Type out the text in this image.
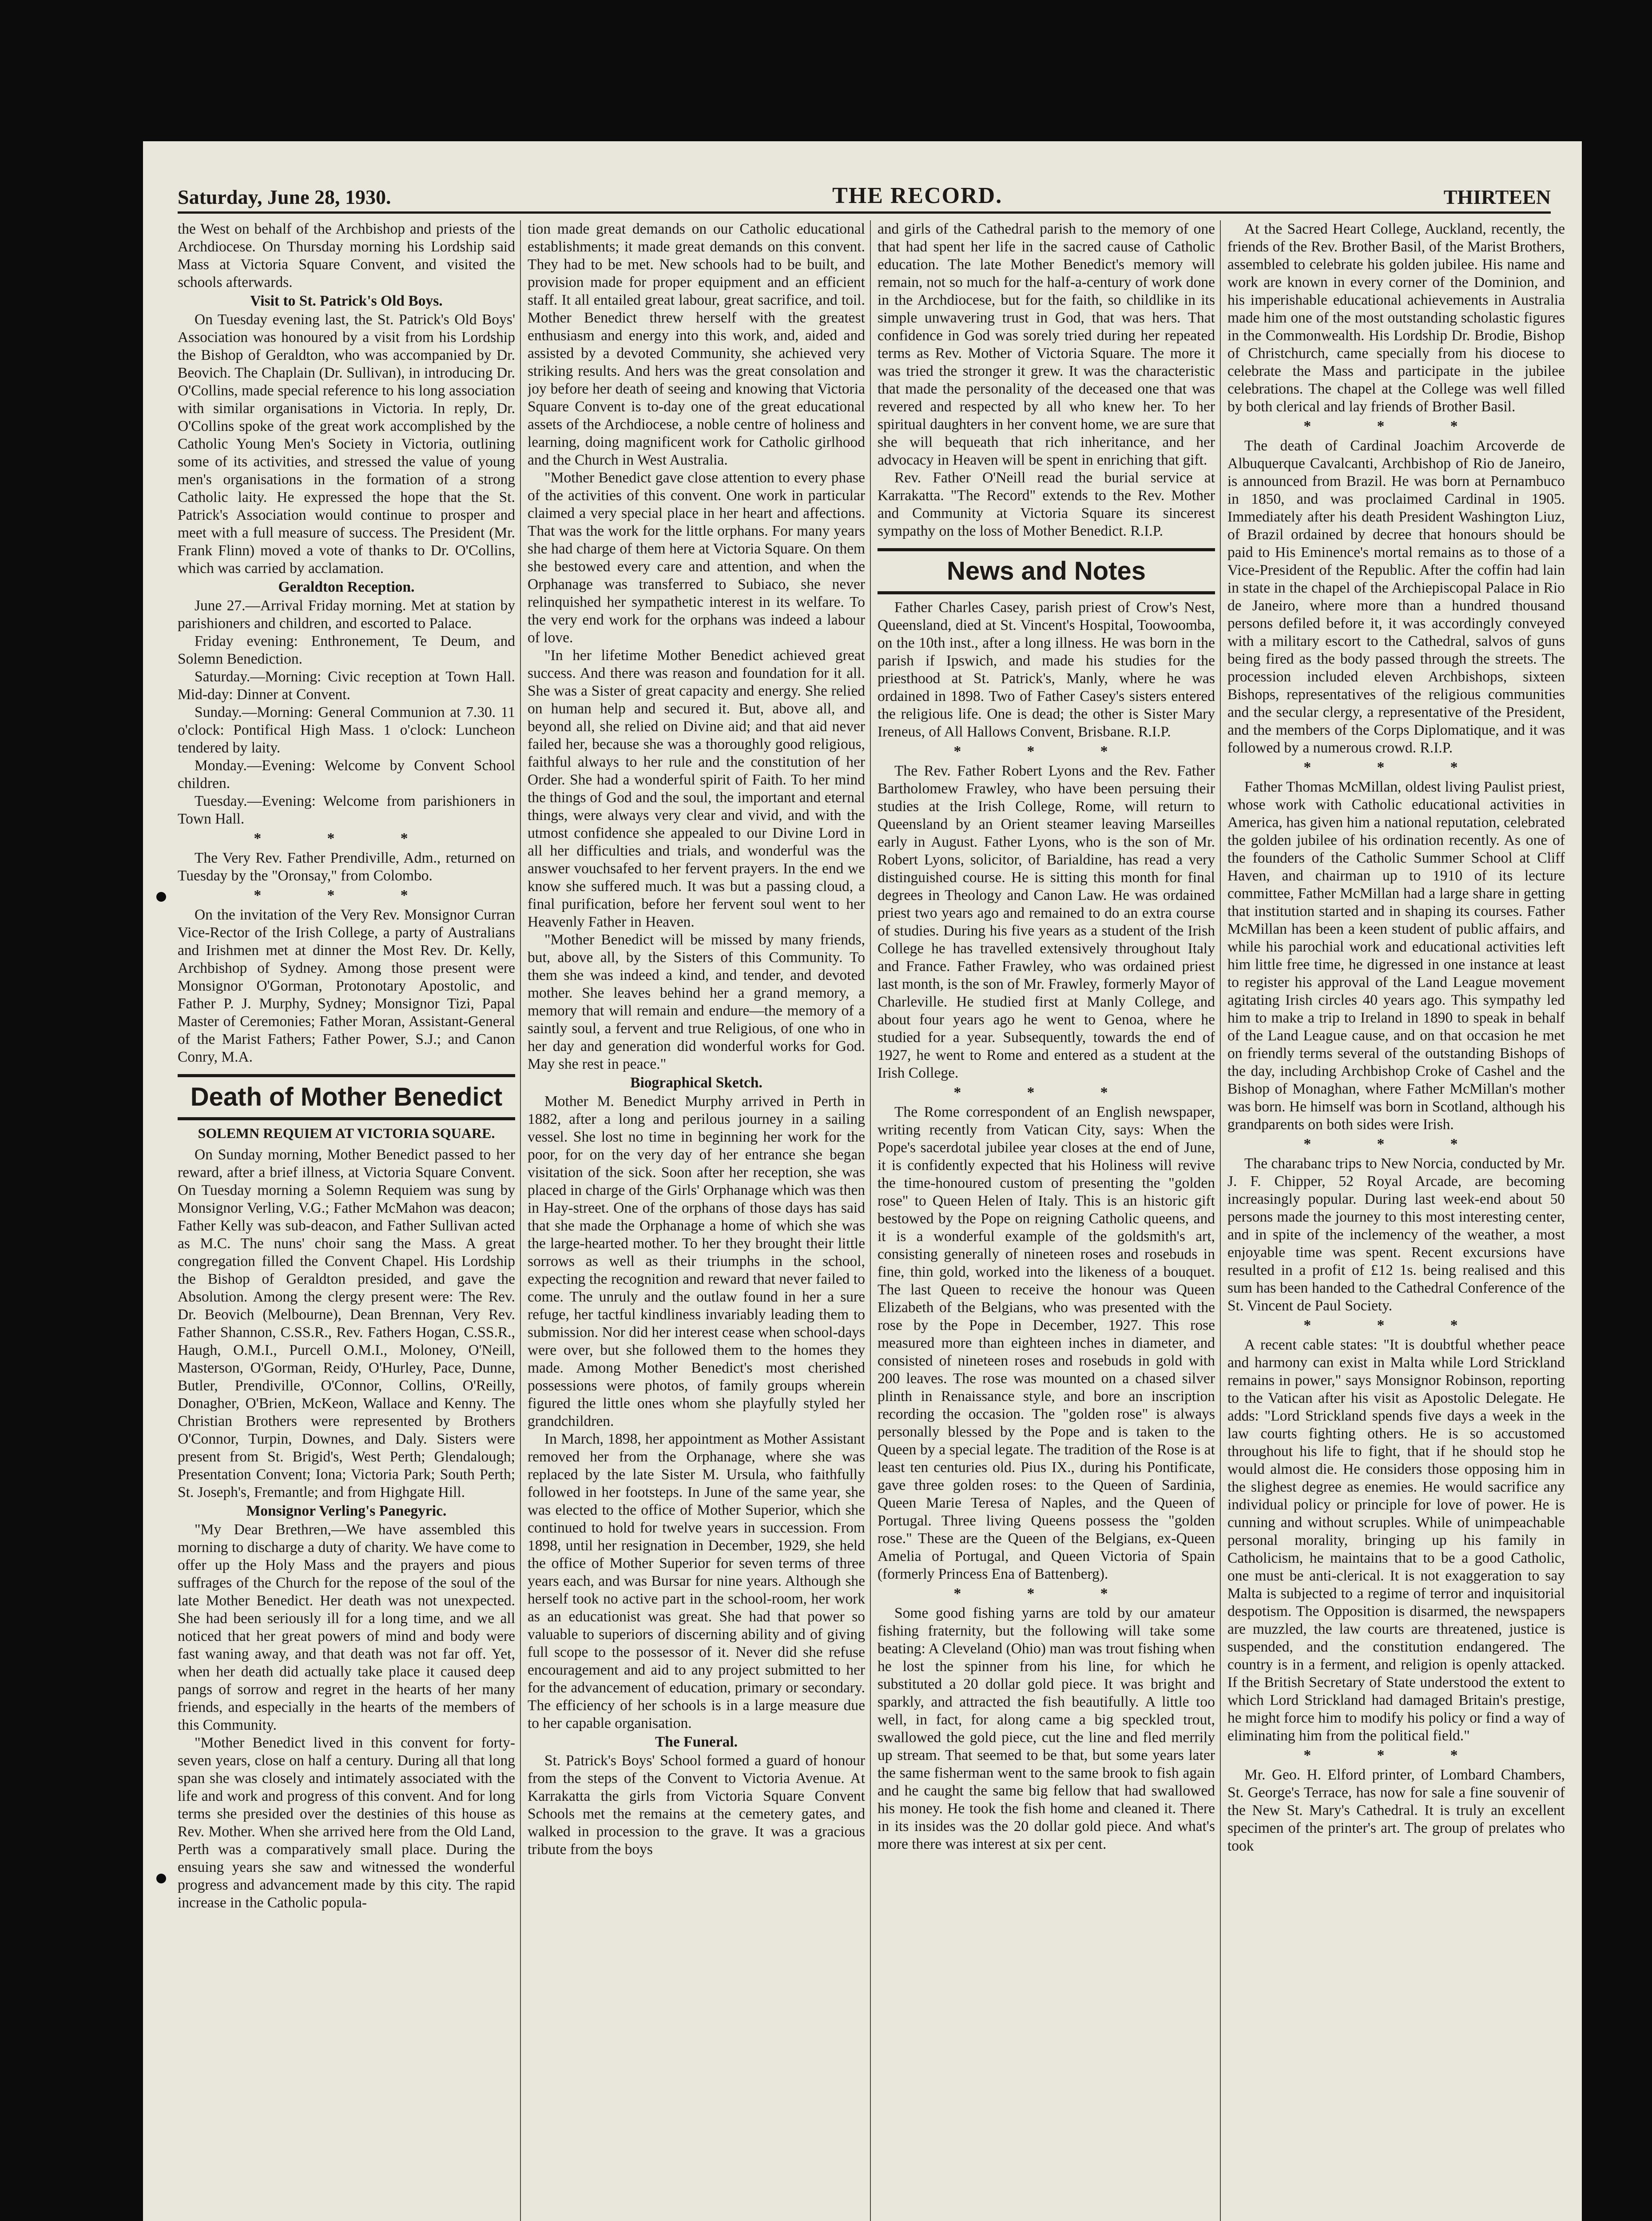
Saturday, June 28, 1930.	THE RECORD.	THIRTEEN

the West on behalf of the Archbishop and priests of the Archdiocese. On Thursday morning his Lordship said Mass at Victoria Square Convent, and visited the schools afterwards.

Visit to St. Patrick's Old Boys.

On Tuesday evening last, the St. Patrick's Old Boys' Association was honoured by a visit from his Lordship the Bishop of Geraldton, who was accompanied by Dr. Beovich. The Chaplain (Dr. Sullivan), in introducing Dr. O'Collins, made special reference to his long association with similar organisations in Victoria. In reply, Dr. O'Collins spoke of the great work accomplished by the Catholic Young Men's Society in Victoria, outlining some of its activities, and stressed the value of young men's organisations in the formation of a strong Catholic laity. He expressed the hope that the St. Patrick's Association would continue to prosper and meet with a full measure of success. The President (Mr. Frank Flinn) moved a vote of thanks to Dr. O'Collins, which was carried by acclamation.

Geraldton Reception.

June 27.—Arrival Friday morning. Met at station by parishioners and children, and escorted to Palace.

Friday evening: Enthronement, Te Deum, and Solemn Benediction.

Saturday.—Morning: Civic reception at Town Hall. Mid-day: Dinner at Convent.

Sunday.—Morning: General Communion at 7.30. 11 o'clock: Pontifical High Mass. 1 o'clock: Luncheon tendered by laity.

Monday.—Evening: Welcome by Convent School children.

Tuesday.—Evening: Welcome from parishioners in Town Hall.

* * *

The Very Rev. Father Prendiville, Adm., returned on Tuesday by the "Oronsay," from Colombo.

* * *

On the invitation of the Very Rev. Monsignor Curran Vice-Rector of the Irish College, a party of Australians and Irishmen met at dinner the Most Rev. Dr. Kelly, Archbishop of Sydney. Among those present were Monsignor O'Gorman, Protonotary Apostolic, and Father P. J. Murphy, Sydney; Monsignor Tizi, Papal Master of Ceremonies; Father Moran, Assistant-General of the Marist Fathers; Father Power, S.J.; and Canon Conry, M.A.

Death of Mother Benedict
SOLEMN REQUIEM AT VICTORIA SQUARE.

On Sunday morning, Mother Benedict passed to her reward, after a brief illness, at Victoria Square Convent. On Tuesday morning a Solemn Requiem was sung by Monsignor Verling, V.G.; Father McMahon was deacon; Father Kelly was sub-deacon, and Father Sullivan acted as M.C. The nuns' choir sang the Mass. A great congregation filled the Convent Chapel. His Lordship the Bishop of Geraldton presided, and gave the Absolution. Among the clergy present were: The Rev. Dr. Beovich (Melbourne), Dean Brennan, Very Rev. Father Shannon, C.SS.R., Rev. Fathers Hogan, C.SS.R., Haugh, O.M.I., Purcell O.M.I., Moloney, O'Neill, Masterson, O'Gorman, Reidy, O'Hurley, Pace, Dunne, Butler, Prendiville, O'Connor, Collins, O'Reilly, Donagher, O'Brien, McKeon, Wallace and Kenny. The Christian Brothers were represented by Brothers O'Connor, Turpin, Downes, and Daly. Sisters were present from St. Brigid's, West Perth; Glendalough; Presentation Convent; Iona; Victoria Park; South Perth; St. Joseph's, Fremantle; and from Highgate Hill.

Monsignor Verling's Panegyric.

"My Dear Brethren,—We have assembled this morning to discharge a duty of charity. We have come to offer up the Holy Mass and the prayers and pious suffrages of the Church for the repose of the soul of the late Mother Benedict. Her death was not unexpected. She had been seriously ill for a long time, and we all noticed that her great powers of mind and body were fast waning away, and that death was not far off. Yet, when her death did actually take place it caused deep pangs of sorrow and regret in the hearts of her many friends, and especially in the hearts of the members of this Community.

"Mother Benedict lived in this convent for forty-seven years, close on half a century. During all that long span she was closely and intimately associated with the life and work and progress of this convent. And for long terms she presided over the destinies of this house as Rev. Mother. When she arrived here from the Old Land, Perth was a comparatively small place. During the ensuing years she saw and witnessed the wonderful progress and advancement made by this city. The rapid increase in the Catholic popula-

tion made great demands on our Catholic educational establishments; it made great demands on this convent. They had to be met. New schools had to be built, and provision made for proper equipment and an efficient staff. It all entailed great labour, great sacrifice, and toil. Mother Benedict threw herself with the greatest enthusiasm and energy into this work, and, aided and assisted by a devoted Community, she achieved very striking results. And hers was the great consolation and joy before her death of seeing and knowing that Victoria Square Convent is to-day one of the great educational assets of the Archdiocese, a noble centre of holiness and learning, doing magnificent work for Catholic girlhood and the Church in West Australia.

"Mother Benedict gave close attention to every phase of the activities of this convent. One work in particular claimed a very special place in her heart and affections. That was the work for the little orphans. For many years she had charge of them here at Victoria Square. On them she bestowed every care and attention, and when the Orphanage was transferred to Subiaco, she never relinquished her sympathetic interest in its welfare. To the very end work for the orphans was indeed a labour of love.

"In her lifetime Mother Benedict achieved great success. And there was reason and foundation for it all. She was a Sister of great capacity and energy. She relied on human help and secured it. But, above all, and beyond all, she relied on Divine aid; and that aid never failed her, because she was a thoroughly good religious, faithful always to her rule and the constitution of her Order. She had a wonderful spirit of Faith. To her mind the things of God and the soul, the important and eternal things, were always very clear and vivid, and with the utmost confidence she appealed to our Divine Lord in all her difficulties and trials, and wonderful was the answer vouchsafed to her fervent prayers. In the end we know she suffered much. It was but a passing cloud, a final purification, before her fervent soul went to her Heavenly Father in Heaven.

"Mother Benedict will be missed by many friends, but, above all, by the Sisters of this Community. To them she was indeed a kind, and tender, and devoted mother. She leaves behind her a grand memory, a memory that will remain and endure—the memory of a saintly soul, a fervent and true Religious, of one who in her day and generation did wonderful works for God. May she rest in peace."

Biographical Sketch.

Mother M. Benedict Murphy arrived in Perth in 1882, after a long and perilous journey in a sailing vessel. She lost no time in beginning her work for the poor, for on the very day of her entrance she began visitation of the sick. Soon after her reception, she was placed in charge of the Girls' Orphanage which was then in Hay-street. One of the orphans of those days has said that she made the Orphanage a home of which she was the large-hearted mother. To her they brought their little sorrows as well as their triumphs in the school, expecting the recognition and reward that never failed to come. The unruly and the outlaw found in her a sure refuge, her tactful kindliness invariably leading them to submission. Nor did her interest cease when school-days were over, but she followed them to the homes they made. Among Mother Benedict's most cherished possessions were photos, of family groups wherein figured the little ones whom she playfully styled her grandchildren.

In March, 1898, her appointment as Mother Assistant removed her from the Orphanage, where she was replaced by the late Sister M. Ursula, who faithfully followed in her footsteps. In June of the same year, she was elected to the office of Mother Superior, which she continued to hold for twelve years in succession. From 1898, until her resignation in December, 1929, she held the office of Mother Superior for seven terms of three years each, and was Bursar for nine years. Although she herself took no active part in the school-room, her work as an educationist was great. She had that power so valuable to superiors of discerning ability and of giving full scope to the possessor of it. Never did she refuse encouragement and aid to any project submitted to her for the advancement of education, primary or secondary. The efficiency of her schools is in a large measure due to her capable organisation.

The Funeral.

St. Patrick's Boys' School formed a guard of honour from the steps of the Convent to Victoria Avenue. At Karrakatta the girls from Victoria Square Convent Schools met the remains at the cemetery gates, and walked in procession to the grave. It was a gracious tribute from the boys

and girls of the Cathedral parish to the memory of one that had spent her life in the sacred cause of Catholic education. The late Mother Benedict's memory will remain, not so much for the half-a-century of work done in the Archdiocese, but for the faith, so childlike in its simple unwavering trust in God, that was hers. That confidence in God was sorely tried during her repeated terms as Rev. Mother of Victoria Square. The more it was tried the stronger it grew. It was the characteristic that made the personality of the deceased one that was revered and respected by all who knew her. To her spiritual daughters in her convent home, we are sure that she will bequeath that rich inheritance, and her advocacy in Heaven will be spent in enriching that gift.

Rev. Father O'Neill read the burial service at Karrakatta. "The Record" extends to the Rev. Mother and Community at Victoria Square its sincerest sympathy on the loss of Mother Benedict. R.I.P.

News and Notes

Father Charles Casey, parish priest of Crow's Nest, Queensland, died at St. Vincent's Hospital, Toowoomba, on the 10th inst., after a long illness. He was born in the parish if Ipswich, and made his studies for the priesthood at St. Patrick's, Manly, where he was ordained in 1898. Two of Father Casey's sisters entered the religious life. One is dead; the other is Sister Mary Ireneus, of All Hallows Convent, Brisbane. R.I.P.

* * *

The Rev. Father Robert Lyons and the Rev. Father Bartholomew Frawley, who have been persuing their studies at the Irish College, Rome, will return to Queensland by an Orient steamer leaving Marseilles early in August. Father Lyons, who is the son of Mr. Robert Lyons, solicitor, of Barialdine, has read a very distinguished course. He is sitting this month for final degrees in Theology and Canon Law. He was ordained priest two years ago and remained to do an extra course of studies. During his five years as a student of the Irish College he has travelled extensively throughout Italy and France. Father Frawley, who was ordained priest last month, is the son of Mr. Frawley, formerly Mayor of Charleville. He studied first at Manly College, and about four years ago he went to Genoa, where he studied for a year. Subsequently, towards the end of 1927, he went to Rome and entered as a student at the Irish College.

* * *

The Rome correspondent of an English newspaper, writing recently from Vatican City, says: When the Pope's sacerdotal jubilee year closes at the end of June, it is confidently expected that his Holiness will revive the time-honoured custom of presenting the "golden rose" to Queen Helen of Italy. This is an historic gift bestowed by the Pope on reigning Catholic queens, and it is a wonderful example of the goldsmith's art, consisting generally of nineteen roses and rosebuds in fine, thin gold, worked into the likeness of a bouquet. The last Queen to receive the honour was Queen Elizabeth of the Belgians, who was presented with the rose by the Pope in December, 1927. This rose measured more than eighteen inches in diameter, and consisted of nineteen roses and rosebuds in gold with 200 leaves. The rose was mounted on a chased silver plinth in Renaissance style, and bore an inscription recording the occasion. The "golden rose" is always personally blessed by the Pope and is taken to the Queen by a special legate. The tradition of the Rose is at least ten centuries old. Pius IX., during his Pontificate, gave three golden roses: to the Queen of Sardinia, Queen Marie Teresa of Naples, and the Queen of Portugal. Three living Queens possess the "golden rose." These are the Queen of the Belgians, ex-Queen Amelia of Portugal, and Queen Victoria of Spain (formerly Princess Ena of Battenberg).

* * *

Some good fishing yarns are told by our amateur fishing fraternity, but the following will take some beating: A Cleveland (Ohio) man was trout fishing when he lost the spinner from his line, for which he substituted a 20 dollar gold piece. It was bright and sparkly, and attracted the fish beautifully. A little too well, in fact, for along came a big speckled trout, swallowed the gold piece, cut the line and fled merrily up stream. That seemed to be that, but some years later the same fisherman went to the same brook to fish again and he caught the same big fellow that had swallowed his money. He took the fish home and cleaned it. There in its insides was the 20 dollar gold piece. And what's more there was interest at six per cent.

At the Sacred Heart College, Auckland, recently, the friends of the Rev. Brother Basil, of the Marist Brothers, assembled to celebrate his golden jubilee. His name and work are known in every corner of the Dominion, and his imperishable educational achievements in Australia made him one of the most outstanding scholastic figures in the Commonwealth. His Lordship Dr. Brodie, Bishop of Christchurch, came specially from his diocese to celebrate the Mass and participate in the jubilee celebrations. The chapel at the College was well filled by both clerical and lay friends of Brother Basil.

* * *

The death of Cardinal Joachim Arcoverde de Albuquerque Cavalcanti, Archbishop of Rio de Janeiro, is announced from Brazil. He was born at Pernambuco in 1850, and was proclaimed Cardinal in 1905. Immediately after his death President Washington Liuz, of Brazil ordained by decree that honours should be paid to His Eminence's mortal remains as to those of a Vice-President of the Republic. After the coffin had lain in state in the chapel of the Archiepiscopal Palace in Rio de Janeiro, where more than a hundred thousand persons defiled before it, it was accordingly conveyed with a military escort to the Cathedral, salvos of guns being fired as the body passed through the streets. The procession included eleven Archbishops, sixteen Bishops, representatives of the religious communities and the secular clergy, a representative of the President, and the members of the Corps Diplomatique, and it was followed by a numerous crowd. R.I.P.

* * *

Father Thomas McMillan, oldest living Paulist priest, whose work with Catholic educational activities in America, has given him a national reputation, celebrated the golden jubilee of his ordination recently. As one of the founders of the Catholic Summer School at Cliff Haven, and chairman up to 1910 of its lecture committee, Father McMillan had a large share in getting that institution started and in shaping its courses. Father McMillan has been a keen student of public affairs, and while his parochial work and educational activities left him little free time, he digressed in one instance at least to register his approval of the Land League movement agitating Irish circles 40 years ago. This sympathy led him to make a trip to Ireland in 1890 to speak in behalf of the Land League cause, and on that occasion he met on friendly terms several of the outstanding Bishops of the day, including Archbishop Croke of Cashel and the Bishop of Monaghan, where Father McMillan's mother was born. He himself was born in Scotland, although his grandparents on both sides were Irish.

* * *

The charabanc trips to New Norcia, conducted by Mr. J. F. Chipper, 52 Royal Arcade, are becoming increasingly popular. During last week-end about 50 persons made the journey to this most interesting center, and in spite of the inclemency of the weather, a most enjoyable time was spent. Recent excursions have resulted in a profit of £12 1s. being realised and this sum has been handed to the Cathedral Conference of the St. Vincent de Paul Society.

* * *

A recent cable states: "It is doubtful whether peace and harmony can exist in Malta while Lord Strickland remains in power," says Monsignor Robinson, reporting to the Vatican after his visit as Apostolic Delegate. He adds: "Lord Strickland spends five days a week in the law courts fighting others. He is so accustomed throughout his life to fight, that if he should stop he would almost die. He considers those opposing him in the slighest degree as enemies. He would sacrifice any individual policy or principle for love of power. He is cunning and without scruples. While of unimpeachable personal morality, bringing up his family in Catholicism, he maintains that to be a good Catholic, one must be anti-clerical. It is not exaggeration to say Malta is subjected to a regime of terror and inquisitorial despotism. The Opposition is disarmed, the newspapers are muzzled, the law courts are threatened, justice is suspended, and the constitution endangered. The country is in a ferment, and religion is openly attacked. If the British Secretary of State understood the extent to which Lord Strickland had damaged Britain's prestige, he might force him to modify his policy or find a way of eliminating him from the political field."

* * *

Mr. Geo. H. Elford printer, of Lombard Chambers, St. George's Terrace, has now for sale a fine souvenir of the New St. Mary's Cathedral. It is truly an excellent specimen of the printer's art. The group of prelates who took
